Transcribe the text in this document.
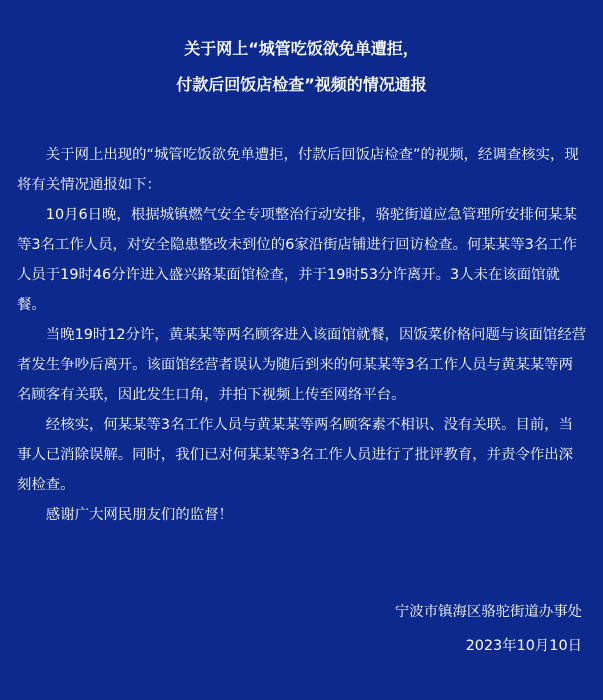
关于网上“城管吃饭欲免单遭拒，
付款后回饭店检查”视频的情况通报

关于网上出现的“城管吃饭欲免单遭拒，付款后回饭店检查”的视频，经调查核实，现将有关情况通报如下：

10月6日晚，根据城镇燃气安全专项整治行动安排，骆驼街道应急管理所安排何某某等3名工作人员，对安全隐患整改未到位的6家沿街店铺进行回访检查。何某某等3名工作人员于19时46分许进入盛兴路某面馆检查，并于19时53分许离开。3人未在该面馆就餐。

当晚19时12分许，黄某某等两名顾客进入该面馆就餐，因饭菜价格问题与该面馆经营者发生争吵后离开。该面馆经营者误认为随后到来的何某某等3名工作人员与黄某某等两名顾客有关联，因此发生口角，并拍下视频上传至网络平台。

经核实，何某某等3名工作人员与黄某某等两名顾客素不相识、没有关联。目前，当事人已消除误解。同时，我们已对何某某等3名工作人员进行了批评教育，并责令作出深刻检查。

感谢广大网民朋友们的监督！

宁波市镇海区骆驼街道办事处
2023年10月10日
